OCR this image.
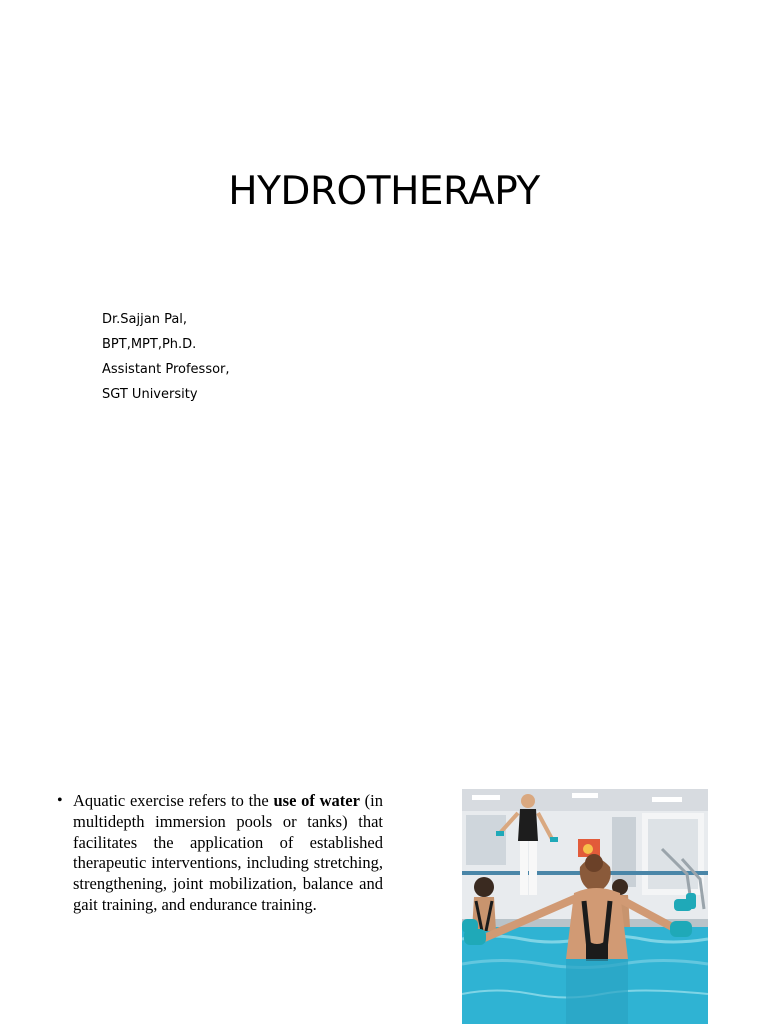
HYDROTHERAPY
Dr.Sajjan Pal,
BPT,MPT,Ph.D.
Assistant Professor,
SGT University
• Aquatic exercise refers to the use of water (in multidepth immersion pools or tanks) that facilitates the application of established therapeutic interventions, including stretching, strengthening, joint mobilization, balance and gait training, and endurance training.
